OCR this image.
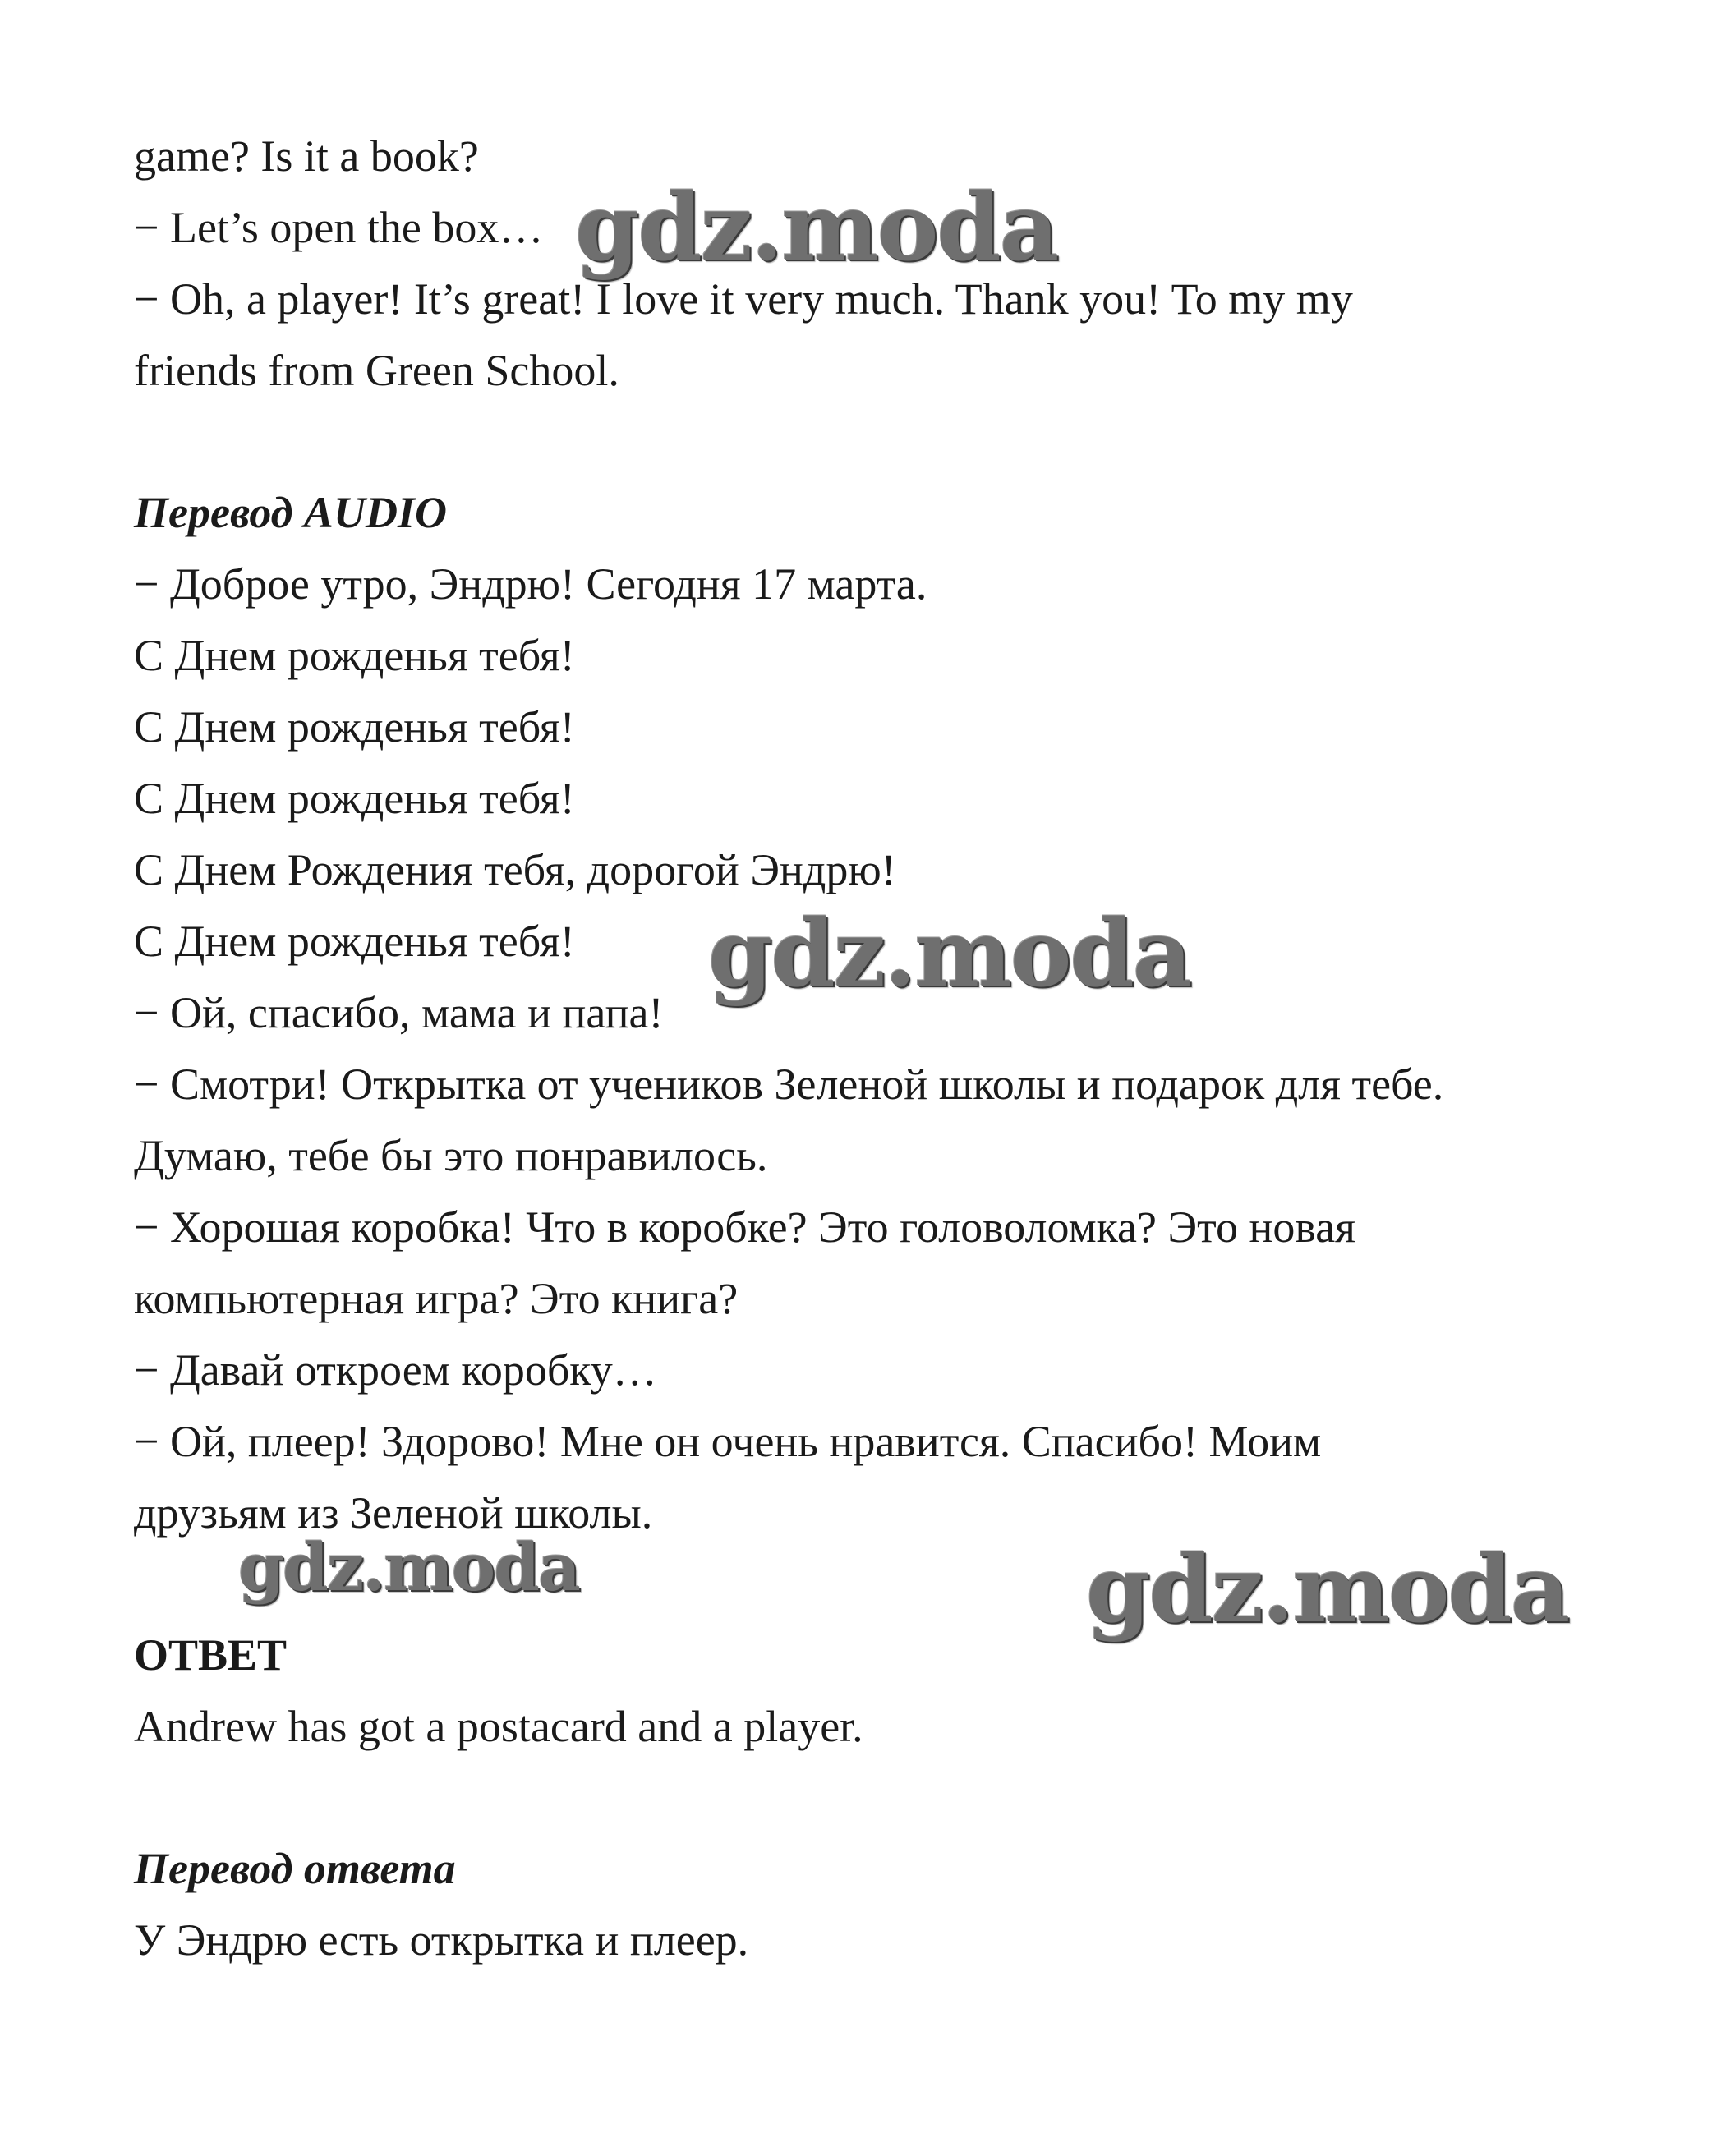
game? Is it a book?

− Let’s open the box…

− Oh, a player! It’s great! I love it very much. Thank you! To my my

friends from Green School.

Перевод AUDIO

− Доброе утро, Эндрю! Сегодня 17 марта.

С Днем рожденья тебя!

С Днем рожденья тебя!

С Днем рожденья тебя!

С Днем Рождения тебя, дорогой Эндрю!

С Днем рожденья тебя!

− Ой, спасибо, мама и папа!

− Смотри! Открытка от учеников Зеленой школы и подарок для тебе.

Думаю, тебе бы это понравилось.

− Хорошая коробка! Что в коробке? Это головоломка? Это новая

компьютерная игра? Это книга?

− Давай откроем коробку…

− Ой, плеер! Здорово! Мне он очень нравится. Спасибо! Моим

друзьям из Зеленой школы.

ОТВЕТ

Andrew has got a postacard and a player.

Перевод ответа

У Эндрю есть открытка и плеер.

gdz.moda
gdz.moda
gdz.moda	gdz.moda
